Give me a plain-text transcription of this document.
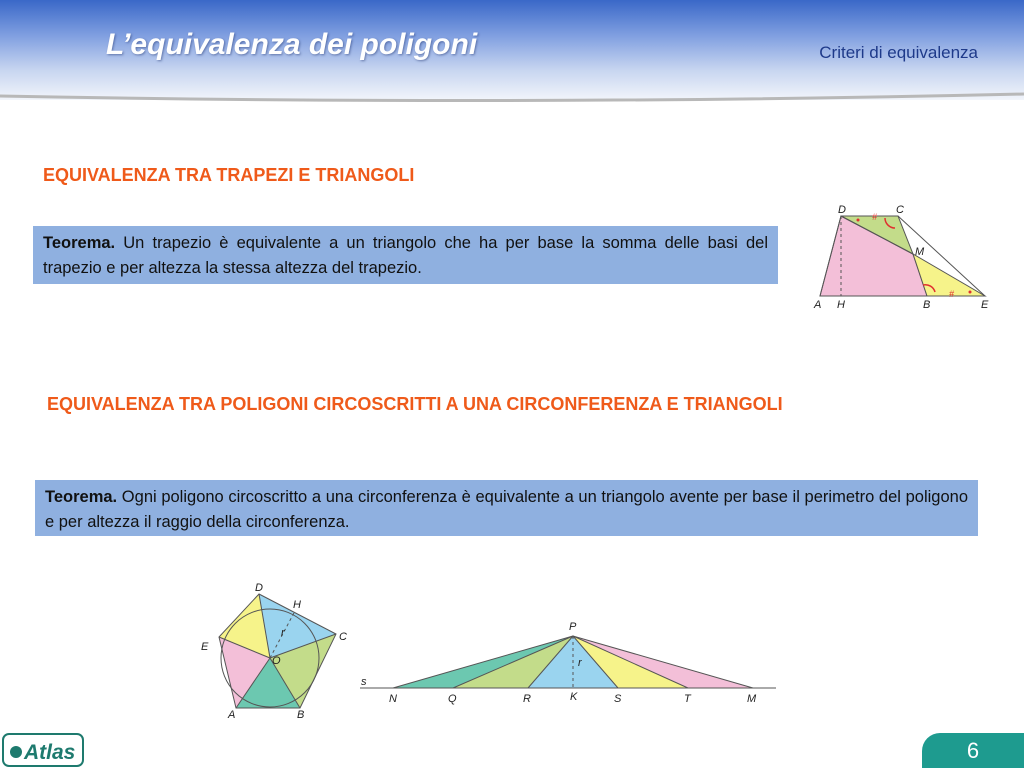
L’equivalenza dei poligoni	Criteri di equivalenza
EQUIVALENZA TRA TRAPEZI E TRIANGOLI
Teorema. Un trapezio è equivalente a un triangolo che ha per base la somma delle basi del trapezio e per altezza la stessa altezza del trapezio.
#
#
D	C
M
A H	B	E
EQUIVALENZA TRA POLIGONI CIRCOSCRITTI A UNA CIRCONFERENZA E TRIANGOLI
Teorema. Ogni poligono circoscritto a una circonferenza è equivalente a un triangolo avente per base il perimetro del poligono e per altezza il raggio della circonferenza.
D
H
C
E
O
r
A	B
P
r
s
N	Q	R	K	S	T	M
Atlas	6
